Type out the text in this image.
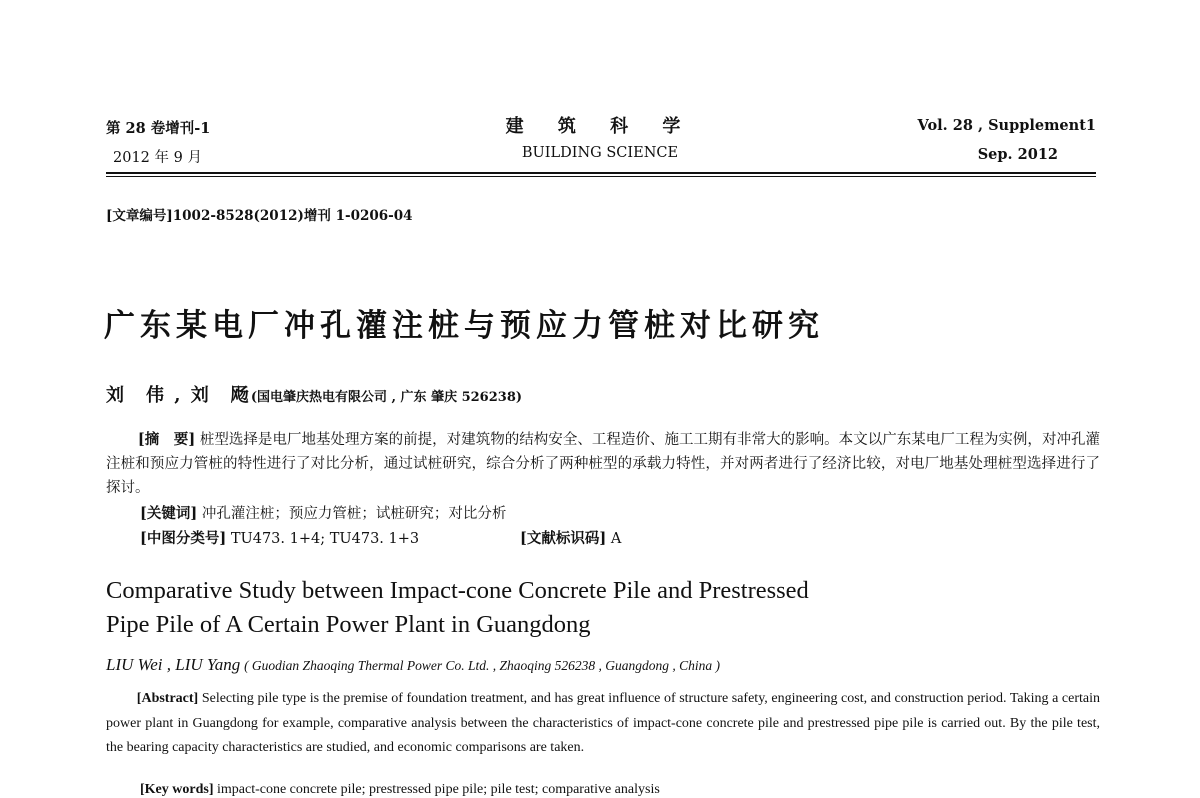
第 28 卷增刊-1
2012 年 9 月
建 筑 科 学
BUILDING SCIENCE
Vol. 28 , Supplement1
Sep. 2012
[文章编号]1002-8528(2012)增刊 1-0206-04
广东某电厂冲孔灌注桩与预应力管桩对比研究
刘　伟 , 刘　飏(国电肇庆热电有限公司 , 广东 肇庆 526238)
[摘　要] 桩型选择是电厂地基处理方案的前提，对建筑物的结构安全、工程造价、施工工期有非常大的影响。本文以广东某电厂工程为实例，对冲孔灌注桩和预应力管桩的特性进行了对比分析，通过试桩研究，综合分析了两种桩型的承载力特性，并对两者进行了经济比较，对电厂地基处理桩型选择进行了探讨。
[关键词] 冲孔灌注桩；预应力管桩；试桩研究；对比分析
[中图分类号] TU473. 1+4; TU473. 1+3	[文献标识码] A
Comparative Study between Impact-cone Concrete Pile and Prestressed
Pipe Pile of A Certain Power Plant in Guangdong
LIU Wei , LIU Yang ( Guodian Zhaoqing Thermal Power Co. Ltd. , Zhaoqing 526238 , Guangdong , China )
[Abstract] Selecting pile type is the premise of foundation treatment, and has great influence of structure safety, engineering cost, and construction period. Taking a certain power plant in Guangdong for example, comparative analysis between the characteristics of impact-cone concrete pile and prestressed pipe pile is carried out. By the pile test, the bearing capacity characteristics are studied, and economic comparisons are taken.
[Key words] impact-cone concrete pile; prestressed pipe pile; pile test; comparative analysis
